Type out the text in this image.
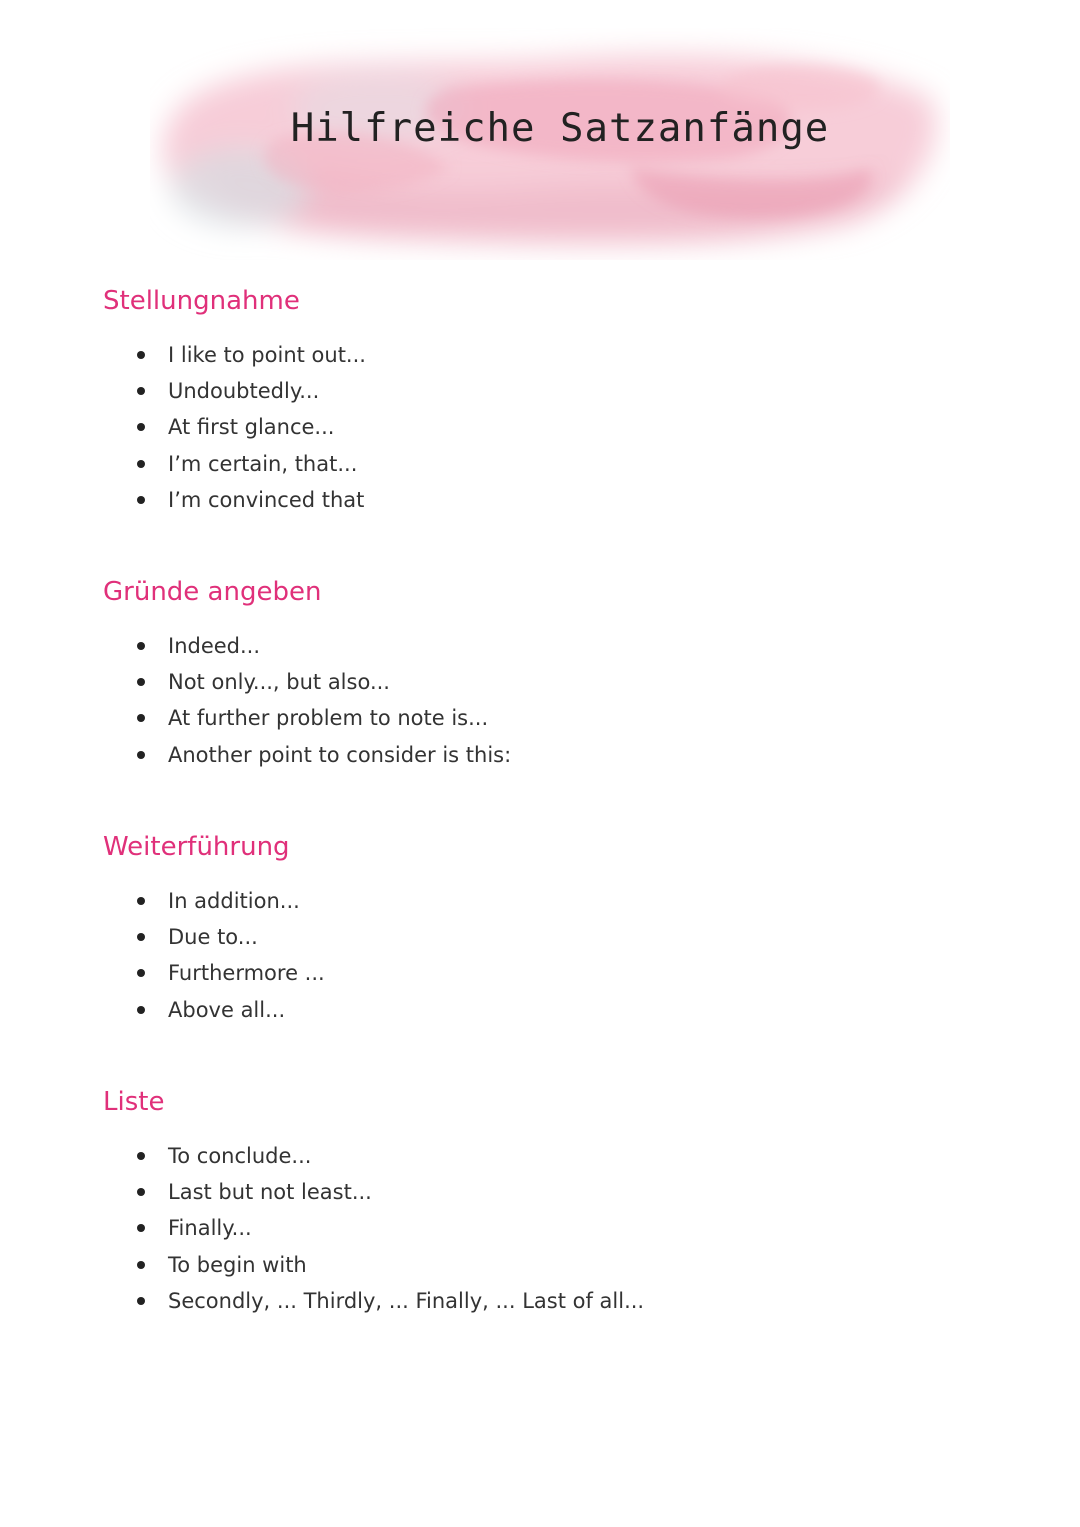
Hilfreiche Satzanfänge
Stellungnahme
I like to point out...
Undoubtedly...
At first glance...
I’m certain, that...
I’m convinced that
Gründe angeben
Indeed...
Not only..., but also...
At further problem to note is...
Another point to consider is this:
Weiterführung
In addition...
Due to...
Furthermore ...
Above all...
Liste
To conclude...
Last but not least...
Finally...
To begin with
Secondly, ... Thirdly, ... Finally, ... Last of all...
